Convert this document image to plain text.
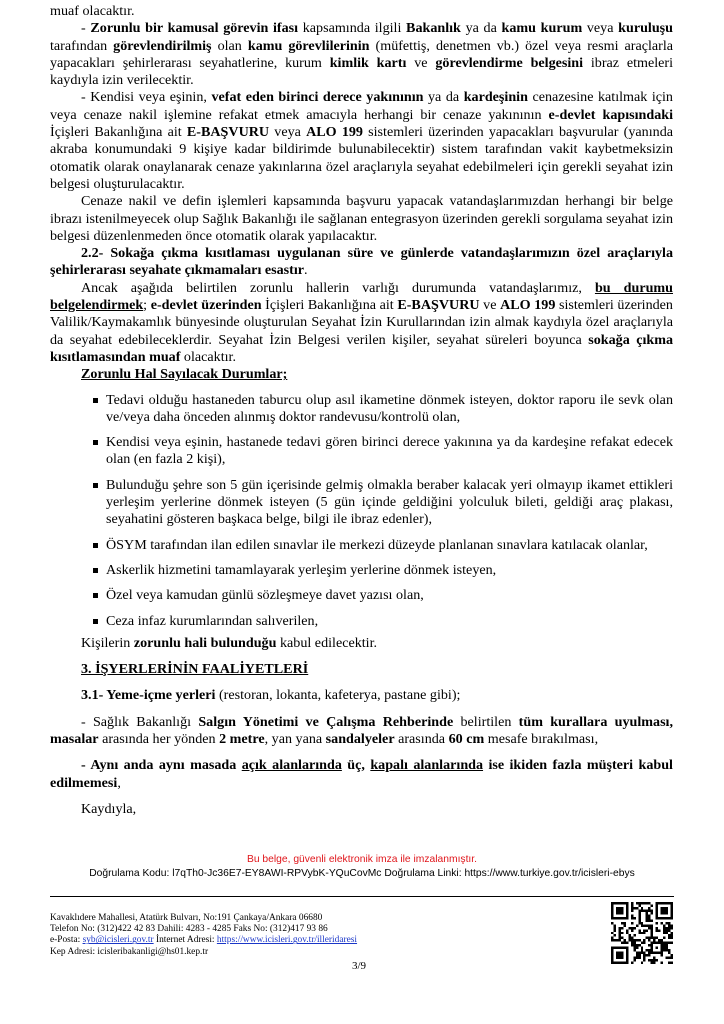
muaf olacaktır.

- Zorunlu bir kamusal görevin ifası kapsamında ilgili Bakanlık ya da kamu kurum veya kuruluşu tarafından görevlendirilmiş olan kamu görevlilerinin (müfettiş, denetmen vb.) özel veya resmi araçlarla yapacakları şehirlerarası seyahatlerine, kurum kimlik kartı ve görevlendirme belgesini ibraz etmeleri kaydıyla izin verilecektir.

- Kendisi veya eşinin, vefat eden birinci derece yakınının ya da kardeşinin cenazesine katılmak için veya cenaze nakil işlemine refakat etmek amacıyla herhangi bir cenaze yakınının e-devlet kapısındaki İçişleri Bakanlığına ait E-BAŞVURU veya ALO 199 sistemleri üzerinden yapacakları başvurular (yanında akraba konumundaki 9 kişiye kadar bildirimde bulunabilecektir) sistem tarafından vakit kaybetmeksizin otomatik olarak onaylanarak cenaze yakınlarına özel araçlarıyla seyahat edebilmeleri için gerekli seyahat izin belgesi oluşturulacaktır.

Cenaze nakil ve defin işlemleri kapsamında başvuru yapacak vatandaşlarımızdan herhangi bir belge ibrazı istenilmeyecek olup Sağlık Bakanlığı ile sağlanan entegrasyon üzerinden gerekli sorgulama seyahat izin belgesi düzenlenmeden önce otomatik olarak yapılacaktır.

2.2- Sokağa çıkma kısıtlaması uygulanan süre ve günlerde vatandaşlarımızın özel araçlarıyla şehirlerarası seyahate çıkmamaları esastır.

Ancak aşağıda belirtilen zorunlu hallerin varlığı durumunda vatandaşlarımız, bu durumu belgelendirmek; e-devlet üzerinden İçişleri Bakanlığına ait E-BAŞVURU ve ALO 199 sistemleri üzerinden Valilik/Kaymakamlık bünyesinde oluşturulan Seyahat İzin Kurullarından izin almak kaydıyla özel araçlarıyla da seyahat edebileceklerdir. Seyahat İzin Belgesi verilen kişiler, seyahat süreleri boyunca sokağa çıkma kısıtlamasından muaf olacaktır.

Zorunlu Hal Sayılacak Durumlar;

Tedavi olduğu hastaneden taburcu olup asıl ikametine dönmek isteyen, doktor raporu ile sevk olan ve/veya daha önceden alınmış doktor randevusu/kontrolü olan,

Kendisi veya eşinin, hastanede tedavi gören birinci derece yakınına ya da kardeşine refakat edecek olan (en fazla 2 kişi),

Bulunduğu şehre son 5 gün içerisinde gelmiş olmakla beraber kalacak yeri olmayıp ikamet ettikleri yerleşim yerlerine dönmek isteyen (5 gün içinde geldiğini yolculuk bileti, geldiği araç plakası, seyahatini gösteren başkaca belge, bilgi ile ibraz edenler),

ÖSYM tarafından ilan edilen sınavlar ile merkezi düzeyde planlanan sınavlara katılacak olanlar,

Askerlik hizmetini tamamlayarak yerleşim yerlerine dönmek isteyen,

Özel veya kamudan günlü sözleşmeye davet yazısı olan,

Ceza infaz kurumlarından salıverilen,

Kişilerin zorunlu hali bulunduğu kabul edilecektir.

3. İŞYERLERİNİN FAALİYETLERİ

3.1- Yeme-içme yerleri (restoran, lokanta, kafeterya, pastane gibi);

- Sağlık Bakanlığı Salgın Yönetimi ve Çalışma Rehberinde belirtilen tüm kurallara uyulması, masalar arasında her yönden 2 metre, yan yana sandalyeler arasında 60 cm mesafe bırakılması,

- Aynı anda aynı masada açık alanlarında üç, kapalı alanlarında ise ikiden fazla müşteri kabul edilmemesi,

Kaydıyla,

Bu belge, güvenli elektronik imza ile imzalanmıştır.
Doğrulama Kodu: l7qTh0-Jc36E7-EY8AWI-RPVybK-YQuCovMc Doğrulama Linki: https://www.turkiye.gov.tr/icisleri-ebys
Kavaklıdere Mahallesi, Atatürk Bulvarı, No:191 Çankaya/Ankara 06680
Telefon No: (312)422 42 83 Dahili: 4283 - 4285 Faks No: (312)417 93 86
e-Posta: syb@icisleri.gov.tr İnternet Adresi: https://www.icisleri.gov.tr/illeridaresi
Kep Adresi: icisleribakanligi@hs01.kep.tr
3/9
